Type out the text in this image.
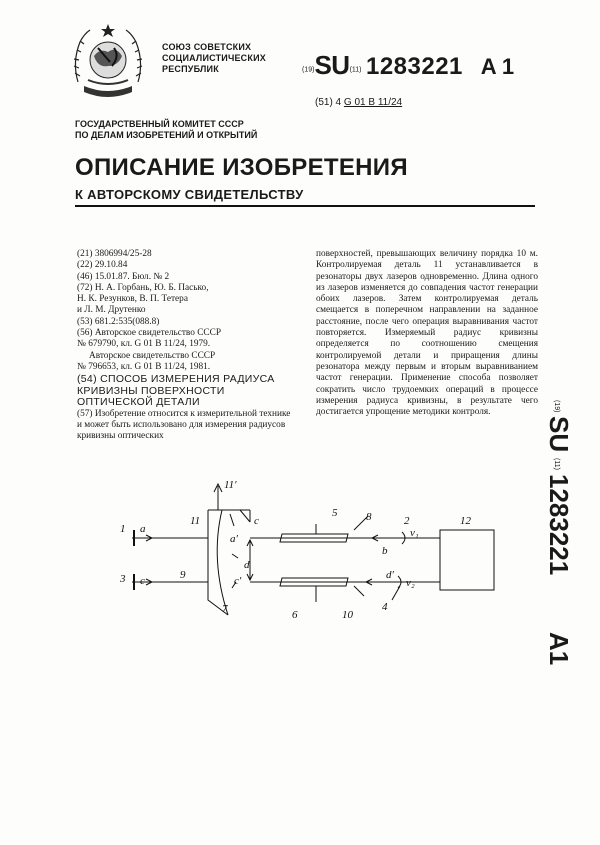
СОЮЗ СОВЕТСКИХ
СОЦИАЛИСТИЧЕСКИХ
РЕСПУБЛИК	(19)SU(11) 1283221 A 1
(51) 4 G 01 B 11/24
ГОСУДАРСТВЕННЫЙ КОМИТЕТ СССР
ПО ДЕЛАМ ИЗОБРЕТЕНИЙ И ОТКРЫТИЙ
ОПИСАНИЕ ИЗОБРЕТЕНИЯ
К АВТОРСКОМУ СВИДЕТЕЛЬСТВУ
(21) 3806994/25-28
(22) 29.10.84
(46) 15.01.87. Бюл. № 2
(72) Н. А. Горбань, Ю. Б. Пасько,
Н. К. Резунков, В. П. Тетера
и Л. М. Друтенко
(53) 681.2:535(088.8)
(56) Авторское свидетельство СССР
№ 679790, кл. G 01 B 11/24, 1979.
Авторское свидетельство СССР
№ 796653, кл. G 01 B 11/24, 1981.
(54) СПОСОБ ИЗМЕРЕНИЯ РАДИУСА КРИВИЗНЫ ПОВЕРХНОСТИ ОПТИЧЕСКОЙ ДЕТАЛИ
(57) Изобретение относится к измерительной технике и может быть использовано для измерения радиусов кривизны оптических
поверхностей, превышающих величину порядка 10 м. Контролируемая деталь 11 устанавливается в резонаторы двух лазеров одновременно. Длина одного из лазеров изменяется до совпадения частот генерации обоих лазеров. Затем контролируемая деталь смещается в поперечном направлении на заданное расстояние, после чего операция выравнивания частот повторяется. Измеряемый радиус кривизны определяется по соотношению смещения контролируемой детали и приращения длины резонатора между первым и вторым выравниванием частот генерации. Применение способа позволяет сократить число трудоемких операций в процессе измерения радиуса кривизны, в результате чего достигается упрощение методики контроля.	(19)
SU
(11)
1283221
A1
1 a
3 c	9
11
11′
c
a′
d
c′
7
5	8
6	10
2
ν₁
b
d′
ν₂
4
12
